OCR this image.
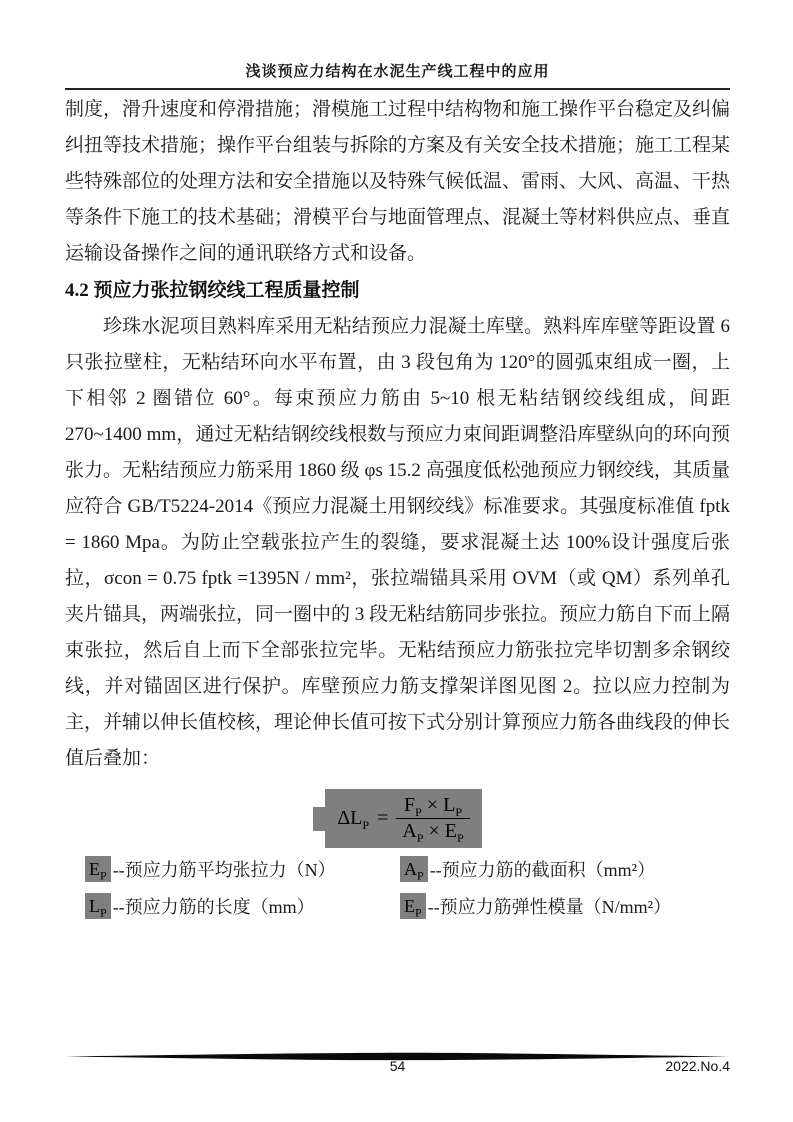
浅谈预应力结构在水泥生产线工程中的应用

制度，滑升速度和停滑措施；滑模施工过程中结构物和施工操作平台稳定及纠偏纠扭等技术措施；操作平台组装与拆除的方案及有关安全技术措施；施工工程某些特殊部位的处理方法和安全措施以及特殊气候低温、雷雨、大风、高温、干热等条件下施工的技术基础；滑模平台与地面管理点、混凝土等材料供应点、垂直运输设备操作之间的通讯联络方式和设备。

4.2 预应力张拉钢绞线工程质量控制

珍珠水泥项目熟料库采用无粘结预应力混凝土库壁。熟料库库壁等距设置 6 只张拉壁柱，无粘结环向水平布置，由 3 段包角为 120°的圆弧束组成一圈，上下相邻 2 圈错位 60°。每束预应力筋由 5~10 根无粘结钢绞线组成，间距 270~1400 mm，通过无粘结钢绞线根数与预应力束间距调整沿库壁纵向的环向预张力。无粘结预应力筋采用 1860 级 φs 15.2 高强度低松弛预应力钢绞线，其质量应符合 GB/T5224-2014《预应力混凝土用钢绞线》标准要求。其强度标准值 fptk = 1860 Mpa。为防止空载张拉产生的裂缝，要求混凝土达 100%设计强度后张拉，σcon = 0.75 fptk =1395N / mm²，张拉端锚具采用 OVM（或 QM）系列单孔夹片锚具，两端张拉，同一圈中的 3 段无粘结筋同步张拉。预应力筋自下而上隔束张拉，然后自上而下全部张拉完毕。无粘结预应力筋张拉完毕切割多余钢绞线，并对锚固区进行保护。库壁预应力筋支撑架详图见图 2。拉以应力控制为主，并辅以伸长值校核，理论伸长值可按下式分别计算预应力筋各曲线段的伸长值后叠加：

$\Delta L_P = \frac{F_P \times L_P}{A_P \times E_P}$
$E_P$ --预应力筋平均张拉力（N）	$A_P$ --预应力筋的截面积（mm²）
$L_P$ --预应力筋的长度（mm）	$E_P$ --预应力筋弹性模量（N/mm²）
54	2022.No.4
